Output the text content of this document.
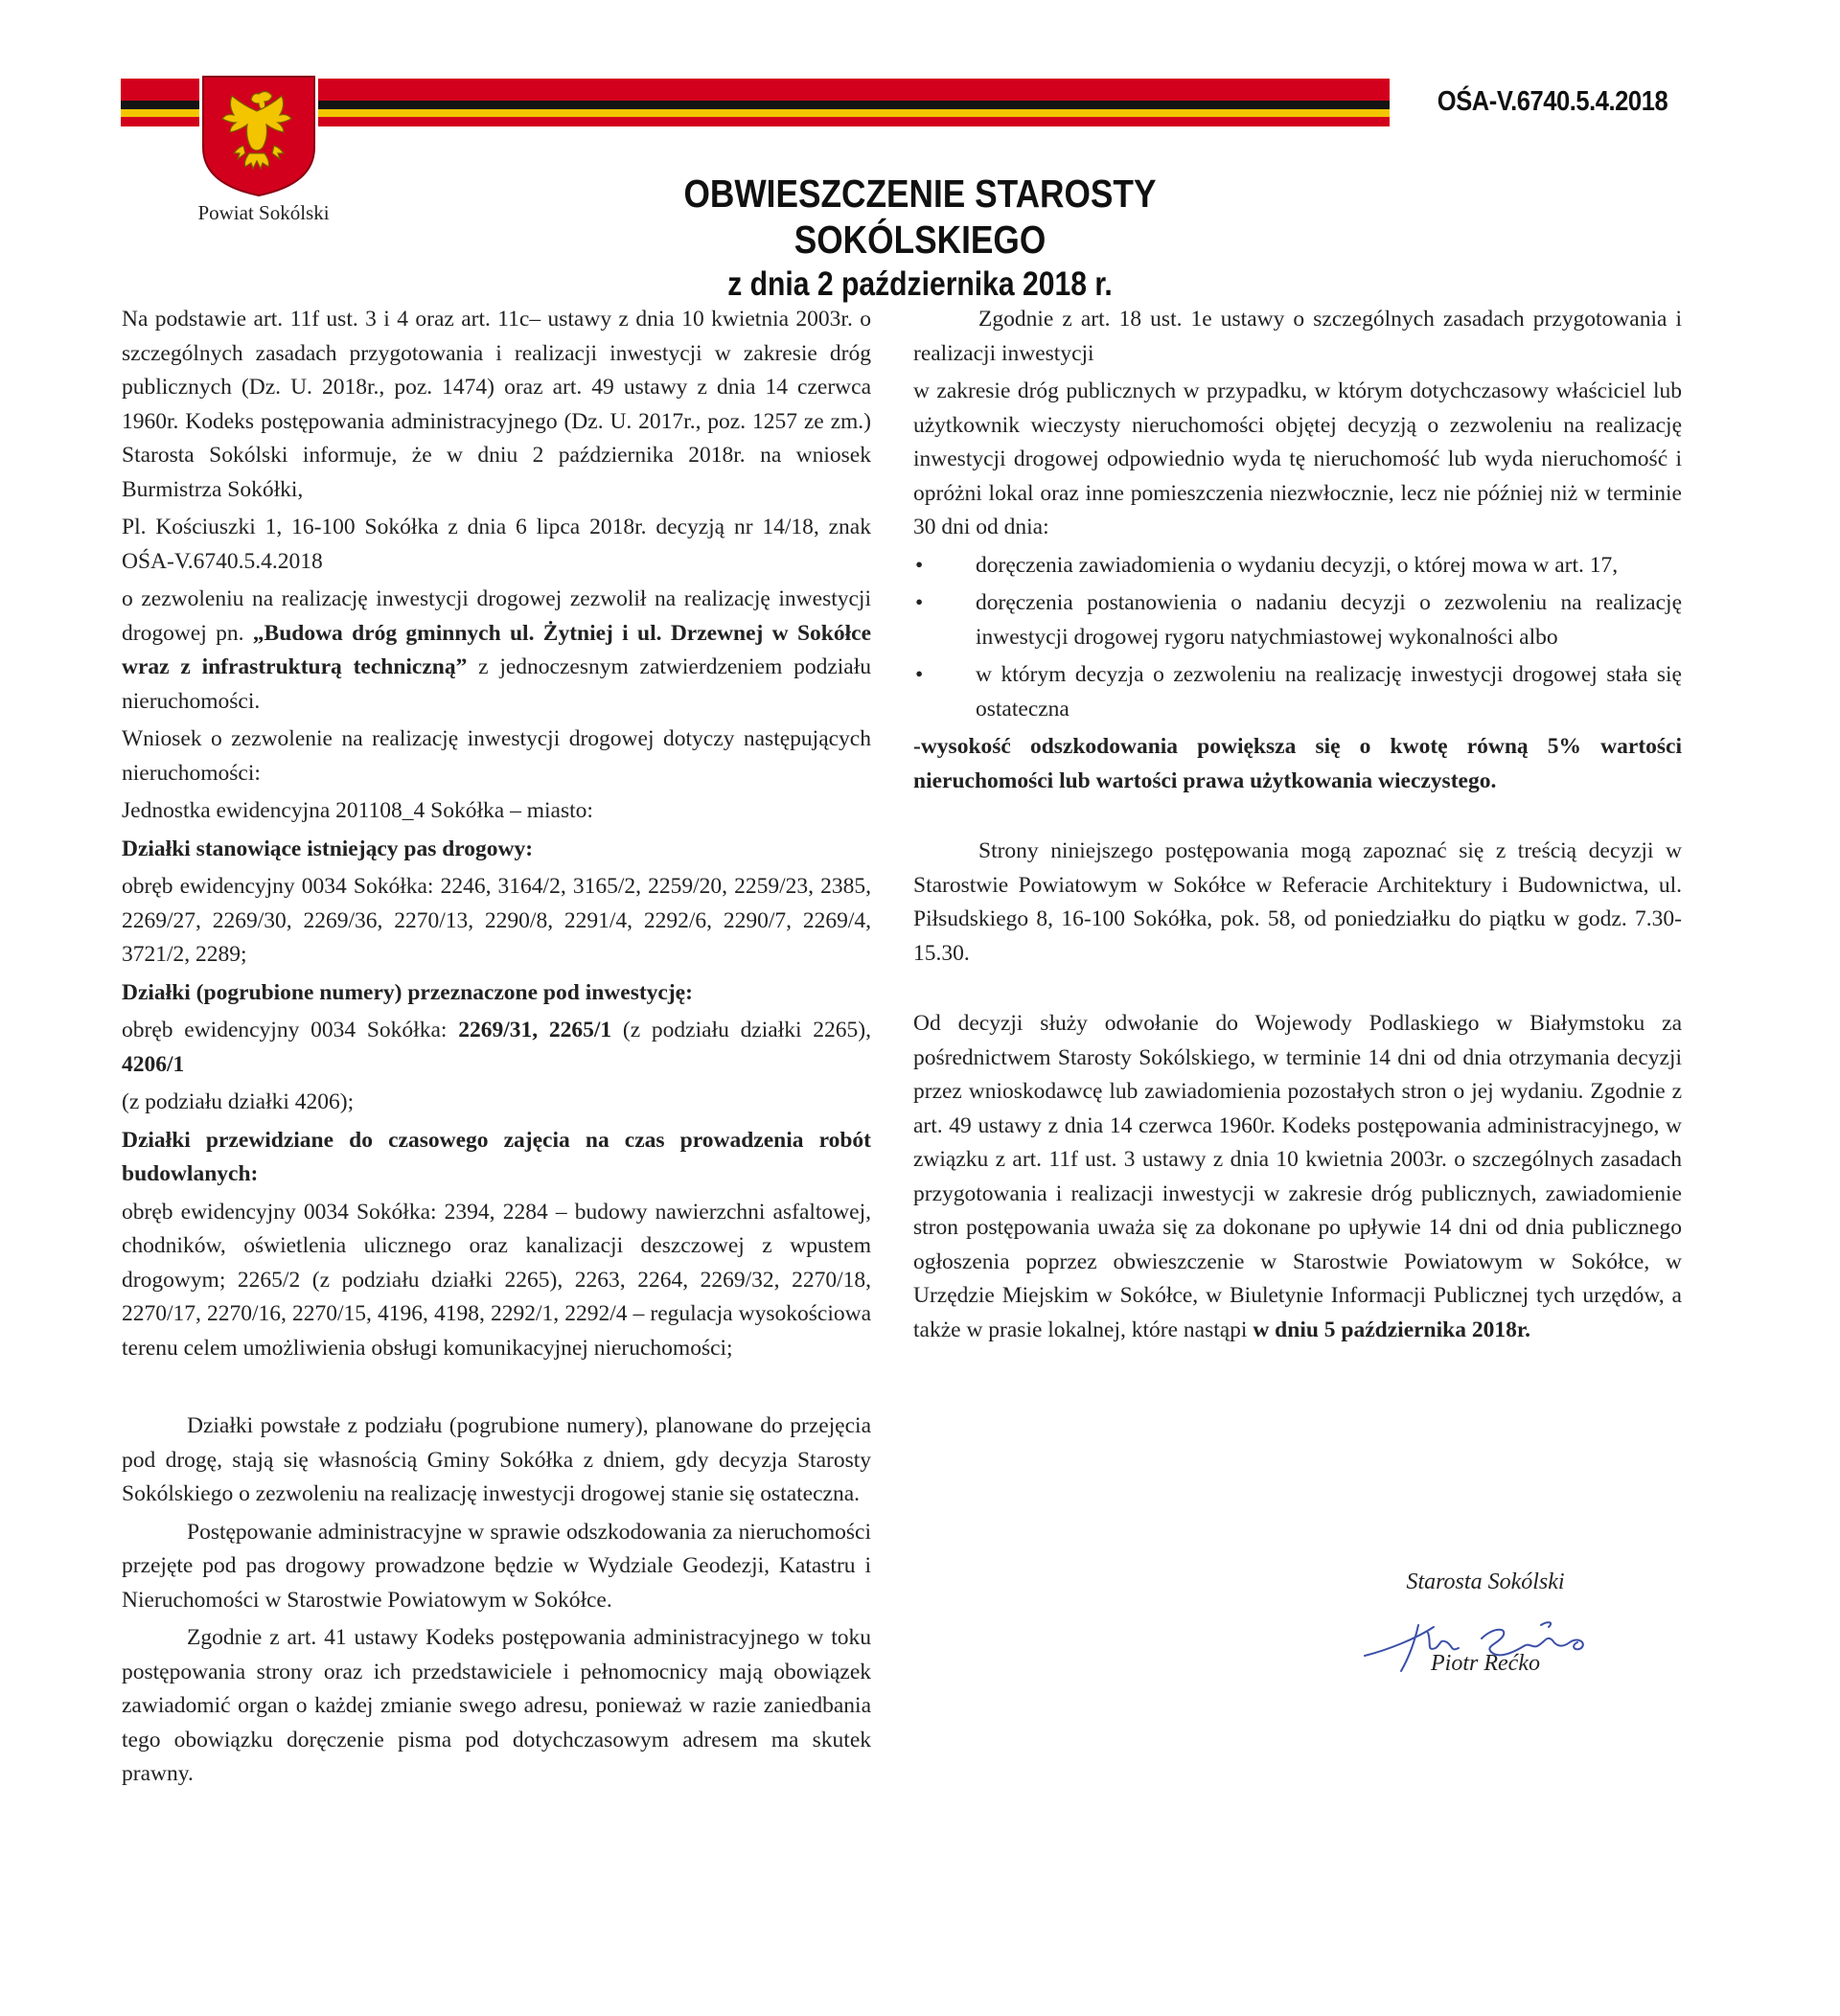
Powiat Sokólski
OŚA-V.6740.5.4.2018
OBWIESZCZENIE STAROSTY SOKÓLSKIEGO
z dnia 2 października 2018 r.

Na podstawie art. 11f ust. 3 i 4 oraz art. 11c– ustawy z dnia 10 kwietnia 2003r. o szczególnych zasadach przygotowania i realizacji inwestycji w zakresie dróg publicznych (Dz. U. 2018r., poz. 1474) oraz art. 49 ustawy z dnia 14 czerwca 1960r. Kodeks postępowania administracyjnego (Dz. U. 2017r., poz. 1257 ze zm.) Starosta Sokólski informuje, że w dniu 2 października 2018r. na wniosek Burmistrza Sokółki,

Pl. Kościuszki 1, 16-100 Sokółka z dnia 6 lipca 2018r. decyzją nr 14/18, znak OŚA-V.6740.5.4.2018

o zezwoleniu na realizację inwestycji drogowej zezwolił na realizację inwestycji drogowej pn. „Budowa dróg gminnych ul. Żytniej i ul. Drzewnej w Sokółce wraz z infrastrukturą techniczną” z jednoczesnym zatwierdzeniem podziału nieruchomości.

Wniosek o zezwolenie na realizację inwestycji drogowej dotyczy następujących nieruchomości:

Jednostka ewidencyjna 201108_4 Sokółka – miasto:

Działki stanowiące istniejący pas drogowy:

obręb ewidencyjny 0034 Sokółka: 2246, 3164/2, 3165/2, 2259/20, 2259/23, 2385, 2269/27, 2269/30, 2269/36, 2270/13, 2290/8, 2291/4, 2292/6, 2290/7, 2269/4, 3721/2, 2289;

Działki (pogrubione numery) przeznaczone pod inwestycję:

obręb ewidencyjny 0034 Sokółka: 2269/31, 2265/1 (z podziału działki 2265), 4206/1

(z podziału działki 4206);

Działki przewidziane do czasowego zajęcia na czas prowadzenia robót budowlanych:

obręb ewidencyjny 0034 Sokółka: 2394, 2284 – budowy nawierzchni asfaltowej, chodników, oświetlenia ulicznego oraz kanalizacji deszczowej z wpustem drogowym; 2265/2 (z podziału działki 2265), 2263, 2264, 2269/32, 2270/18, 2270/17, 2270/16, 2270/15, 4196, 4198, 2292/1, 2292/4 – regulacja wysokościowa terenu celem umożliwienia obsługi komunikacyjnej nieruchomości;

Działki powstałe z podziału (pogrubione numery), planowane do przejęcia pod drogę, stają się własnością Gminy Sokółka z dniem, gdy decyzja Starosty Sokólskiego o zezwoleniu na realizację inwestycji drogowej stanie się ostateczna.

Postępowanie administracyjne w sprawie odszkodowania za nieruchomości przejęte pod pas drogowy prowadzone będzie w Wydziale Geodezji, Katastru i Nieruchomości w Starostwie Powiatowym w Sokółce.

Zgodnie z art. 41 ustawy Kodeks postępowania administracyjnego w toku postępowania strony oraz ich przedstawiciele i pełnomocnicy mają obowiązek zawiadomić organ o każdej zmianie swego adresu, ponieważ w razie zaniedbania tego obowiązku doręczenie pisma pod dotychczasowym adresem ma skutek prawny.

Zgodnie z art. 18 ust. 1e ustawy o szczególnych zasadach przygotowania i realizacji inwestycji

w zakresie dróg publicznych w przypadku, w którym dotychczasowy właściciel lub użytkownik wieczysty nieruchomości objętej decyzją o zezwoleniu na realizację inwestycji drogowej odpowiednio wyda tę nieruchomość lub wyda nieruchomość i opróżni lokal oraz inne pomieszczenia niezwłocznie, lecz nie później niż w terminie 30 dni od dnia:

• doręczenia zawiadomienia o wydaniu decyzji, o której mowa w art. 17,
• doręczenia postanowienia o nadaniu decyzji o zezwoleniu na realizację inwestycji drogowej rygoru natychmiastowej wykonalności albo
• w którym decyzja o zezwoleniu na realizację inwestycji drogowej stała się ostateczna

-wysokość odszkodowania powiększa się o kwotę równą 5% wartości nieruchomości lub wartości prawa użytkowania wieczystego.

Strony niniejszego postępowania mogą zapoznać się z treścią decyzji w Starostwie Powiatowym w Sokółce w Referacie Architektury i Budownictwa, ul. Piłsudskiego 8, 16-100 Sokółka, pok. 58, od poniedziałku do piątku w godz. 7.30-15.30.

Od decyzji służy odwołanie do Wojewody Podlaskiego w Białymstoku za pośrednictwem Starosty Sokólskiego, w terminie 14 dni od dnia otrzymania decyzji przez wnioskodawcę lub zawiadomienia pozostałych stron o jej wydaniu. Zgodnie z art. 49 ustawy z dnia 14 czerwca 1960r. Kodeks postępowania administracyjnego, w związku z art. 11f ust. 3 ustawy z dnia 10 kwietnia 2003r. o szczególnych zasadach przygotowania i realizacji inwestycji w zakresie dróg publicznych, zawiadomienie stron postępowania uważa się za dokonane po upływie 14 dni od dnia publicznego ogłoszenia poprzez obwieszczenie w Starostwie Powiatowym w Sokółce, w Urzędzie Miejskim w Sokółce, w Biuletynie Informacji Publicznej tych urzędów, a także w prasie lokalnej, które nastąpi w dniu 5 października 2018r.

Starosta Sokólski
Piotr Rećko
